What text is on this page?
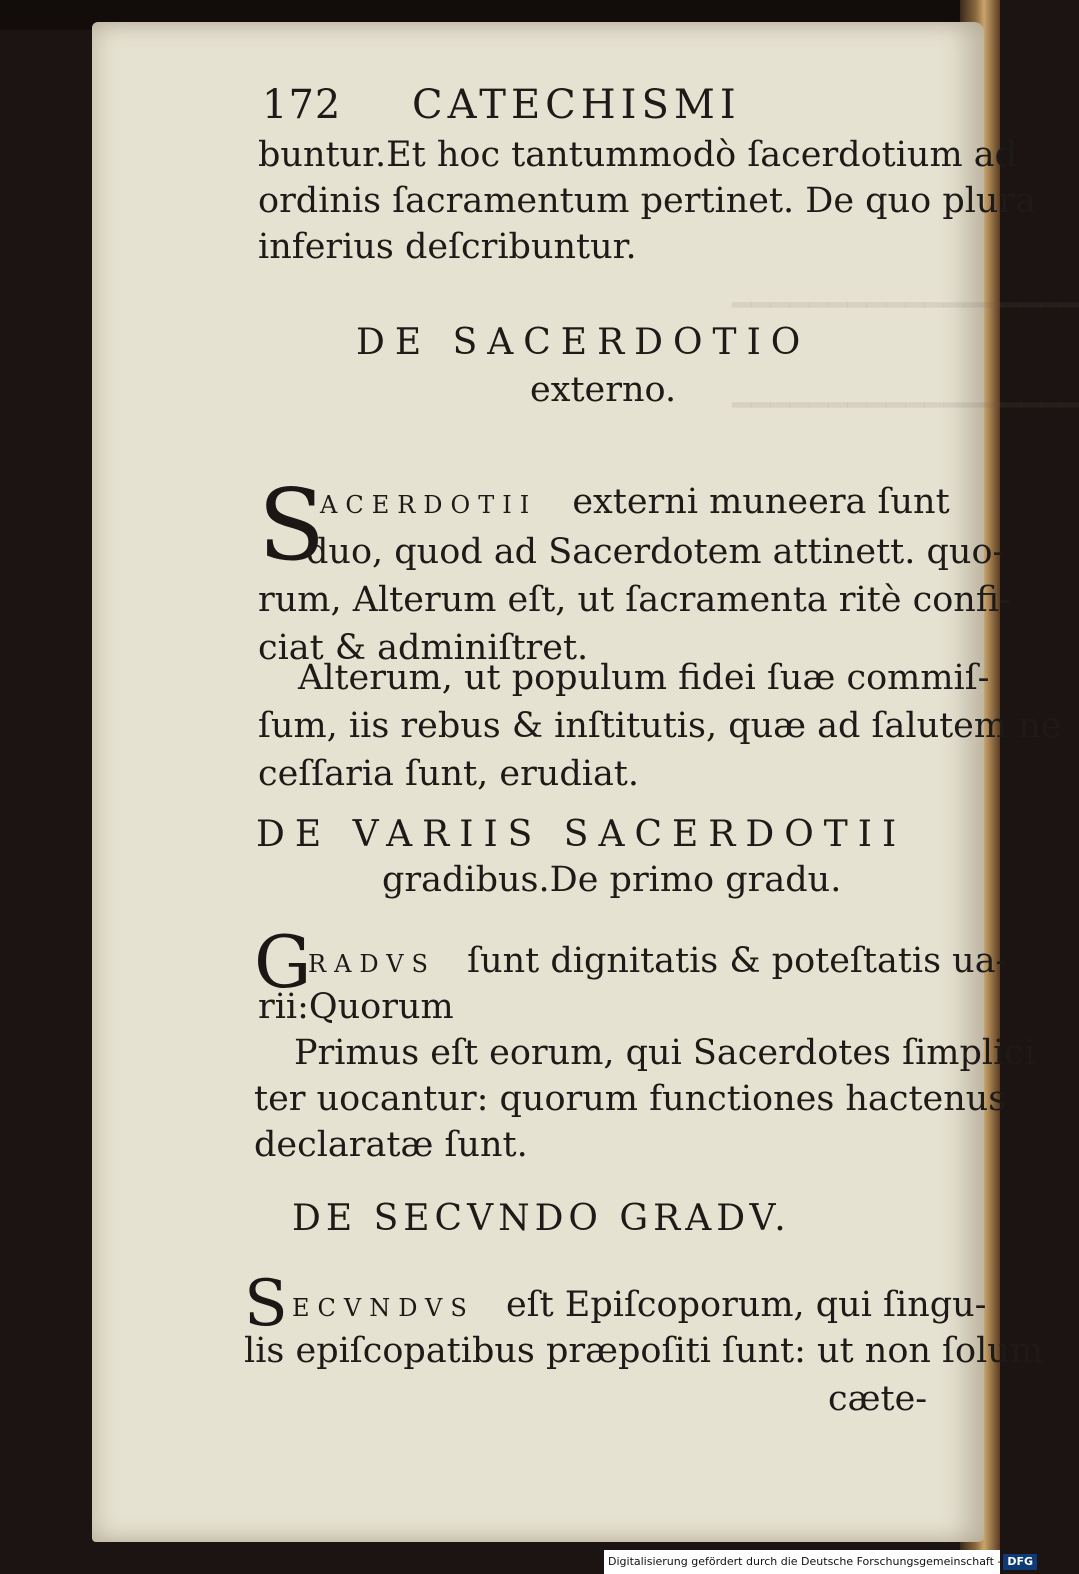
━━━━━━━━━━━━━━━━━━
━━━━━━━━━━━━━━━━━━
172 CATECHISMI
buntur.Et hoc tantummodò ſacerdotium ad
ordinis ſacramentum pertinet. De quo plura
inferius deſcribuntur.
DE SACERDOTIO
externo.
S
ACERDOTII externi muneera ſunt
duo, quod ad Sacerdotem attinett. quo-
rum, Alterum eſt, ut ſacramenta ritè confi-
ciat & adminiſtret.
Alterum, ut populum fidei ſuæ commiſ-
ſum, iis rebus & inſtitutis, quæ ad ſalutem ne
ceſſaria ſunt, erudiat.
DE VARIIS SACERDOTII
gradibus.De primo gradu.
G
RADVS ſunt dignitatis & poteſtatis ua-
rii:Quorum
Primus eſt eorum, qui Sacerdotes ſimplici
ter uocantur: quorum functiones hactenus
declaratæ ſunt.
DE SECVNDO GRADV.
S ECVNDVS eſt Epiſcoporum, qui ſingu-
lis epiſcopatibus præpoſiti ſunt: ut non ſolum
cæte-
Digitalisierung gefördert durch die Deutsche Forschungsgemeinschaft - DFG
